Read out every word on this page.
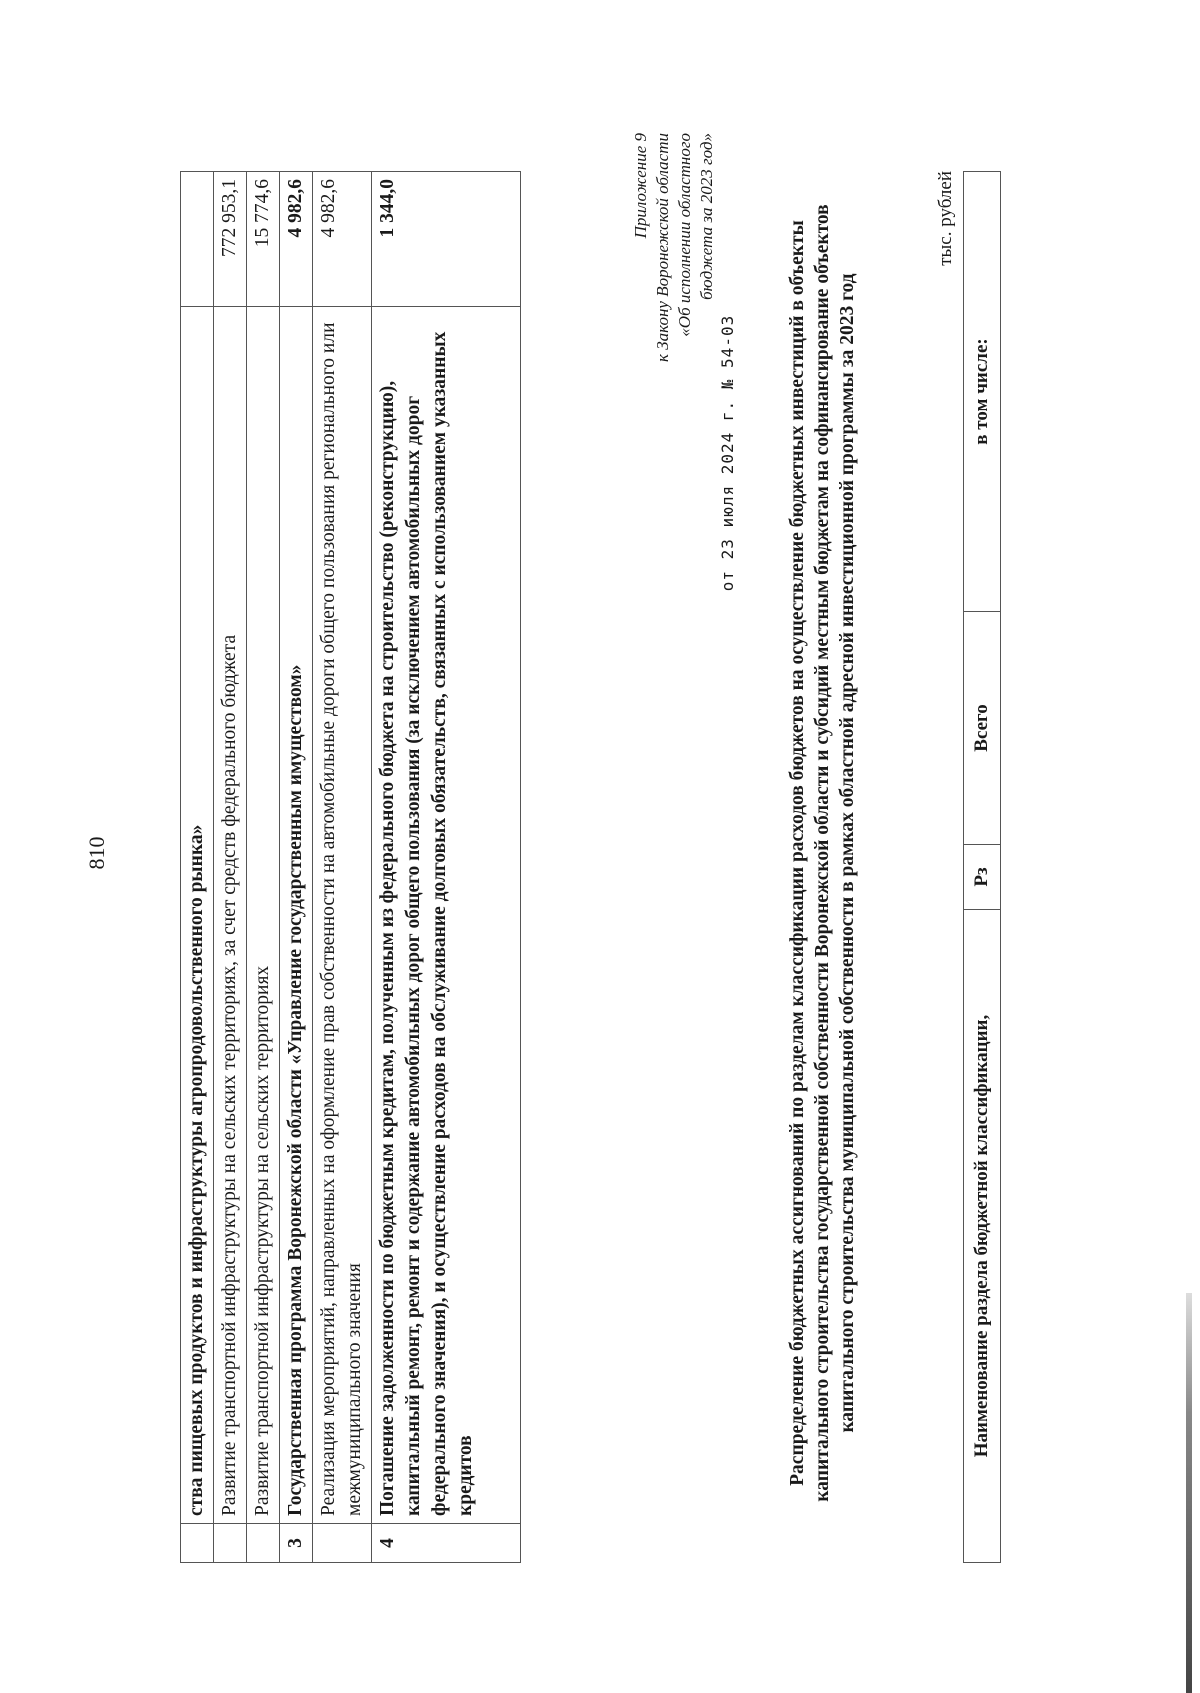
810
		ства пищевых продуктов и инфраструктуры агропродовольственного рынка»	
	Развитие транспортной инфраструктуры на сельских территориях, за счет средств федерального бюджета	772 953,1
	Развитие транспортной инфраструктуры на сельских территориях	15 774,6
3	Государственная программа Воронежской области «Управление государственным имуществом»	4 982,6
	Реализация мероприятий, направленных на оформление прав собственности на автомобильные дороги общего пользования регионального или межмуниципального значения	4 982,6
4	Погашение задолженности по бюджетным кредитам, полученным из федерального бюджета на строительство (реконструкцию), капитальный ремонт, ремонт и содержание автомобильных дорог общего пользования (за исключением автомобильных дорог федерального значения), и осуществление расходов на обслуживание долговых обязательств, связанных с использованием указанных кредитов	1 344,0	Приложение 9 к Закону Воронежской области «Об исполнении областного бюджета за 2023 год»
от 23 июля 2024 г. № 54-03	Распределение бюджетных ассигнований по разделам классификации расходов бюджетов на осуществление бюджетных инвестиций в объекты капитального строительства государственной собственности Воронежской области и субсидий местным бюджетам на софинансирование объектов капитального строительства муниципальной собственности в рамках областной адресной инвестиционной программы за 2023 год
тыс. рублей
Наименование раздела бюджетной классификации,	Рз	Всего	в том числе:
